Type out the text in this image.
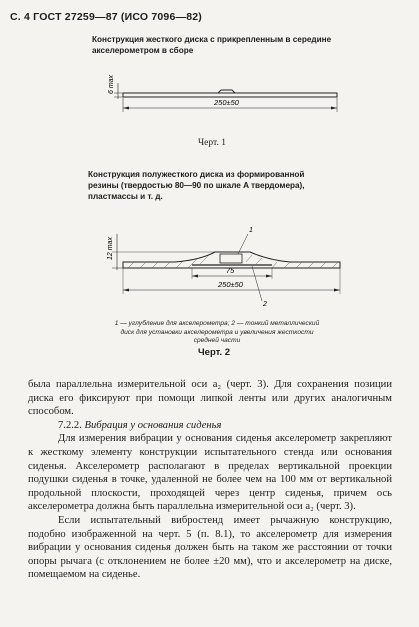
С. 4 ГОСТ 27259—87 (ИСО 7096—82)
Конструкция жесткого диска с прикрепленным в середине акселерометром в сборе
6 max
250±50
Черт. 1
Конструкция полужесткого диска из формированной резины (твердостью 80—90 по шкале A твердомера), пластмассы и т. д.
1
12 max
75
250±50
2
1 — углубление для акселерометра; 2 — тонкий металлический диск для установки акселерометра и увеличения жесткости средней части
Черт. 2

была параллельна измерительной оси a₂ (черт. 3). Для сохранения позиции диска его фиксируют при помощи липкой ленты или других аналогичным способом.

7.2.2. Вибрация у основания сиденья

Для измерения вибрации у основания сиденья акселерометр закрепляют к жесткому элементу конструкции испытательного стенда или основания сиденья. Акселерометр располагают в пределах вертикальной проекции подушки сиденья в точке, удаленной не более чем на 100 мм от вертикальной продольной плоскости, проходящей через центр сиденья, причем ось акселерометра должна быть параллельна измерительной оси a₂ (черт. 3).

Если испытательный вибростенд имеет рычажную конструкцию, подобно изображенной на черт. 5 (п. 8.1), то акселерометр для измерения вибрации у основания сиденья должен быть на таком же расстоянии от точки опоры рычага (с отклонением не более ±20 мм), что и акселерометр на диске, помещаемом на сиденье.
